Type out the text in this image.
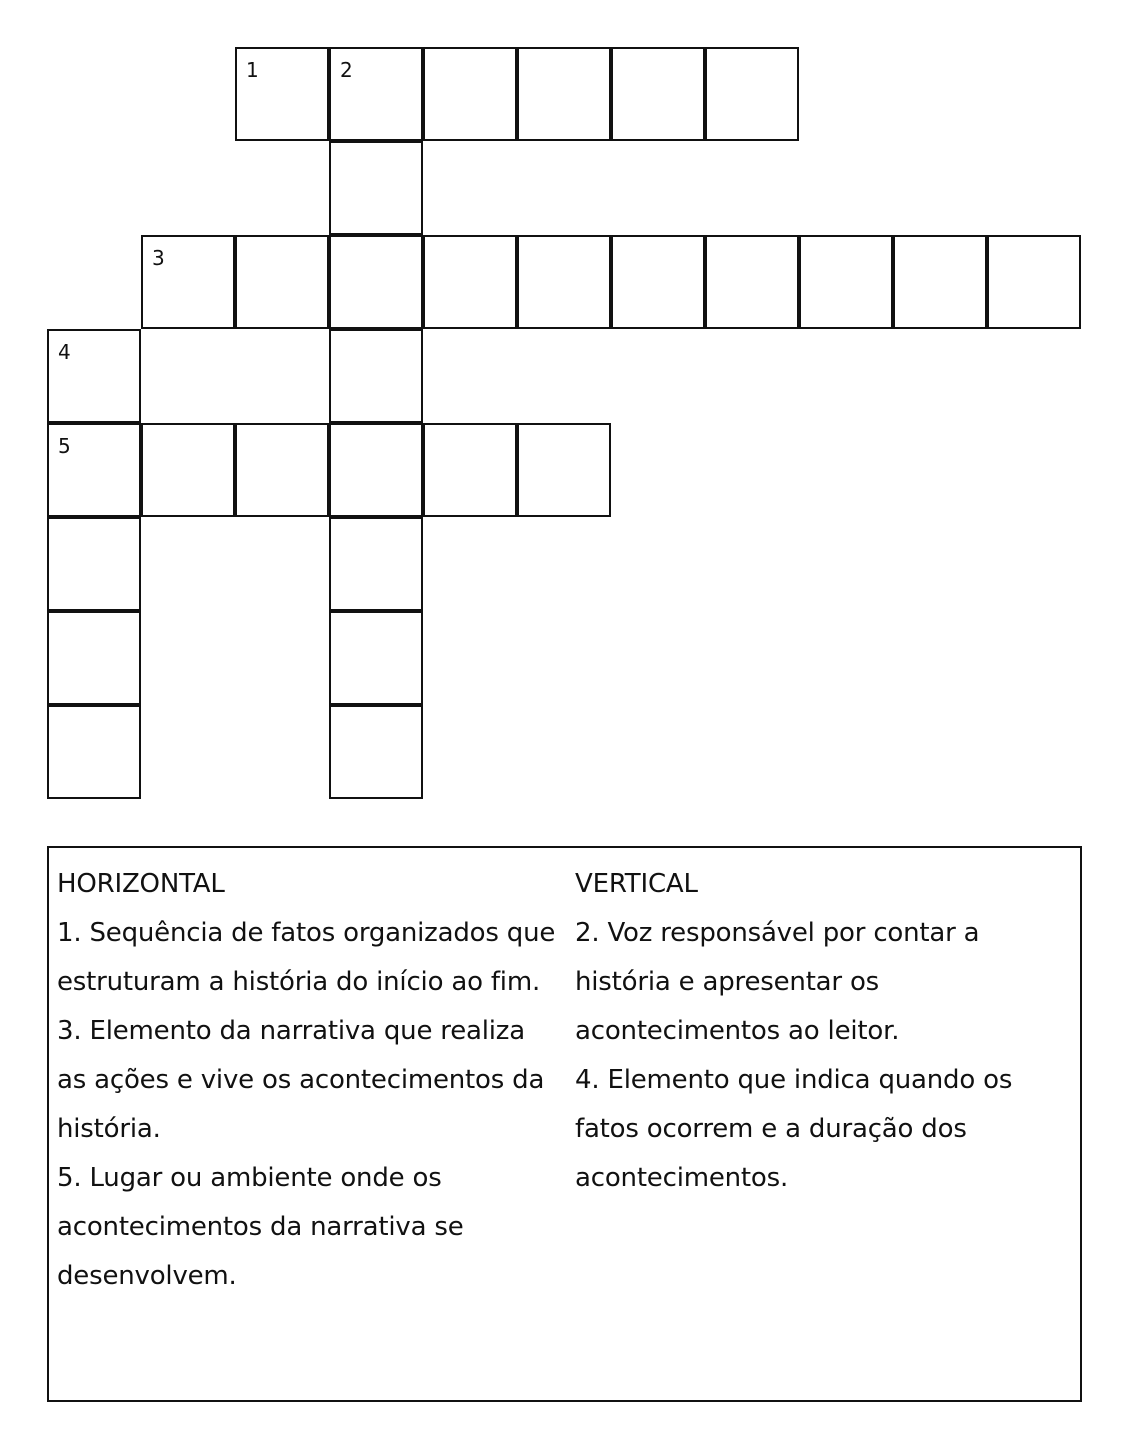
1	2
3
4
5
HORIZONTAL
1. Sequência de fatos organizados que estruturam a história do início ao fim.
3. Elemento da narrativa que realiza as ações e vive os acontecimentos da história.
5. Lugar ou ambiente onde os acontecimentos da narrativa se desenvolvem.
VERTICAL
2. Voz responsável por contar a história e apresentar os acontecimentos ao leitor.
4. Elemento que indica quando os fatos ocorrem e a duração dos acontecimentos.
